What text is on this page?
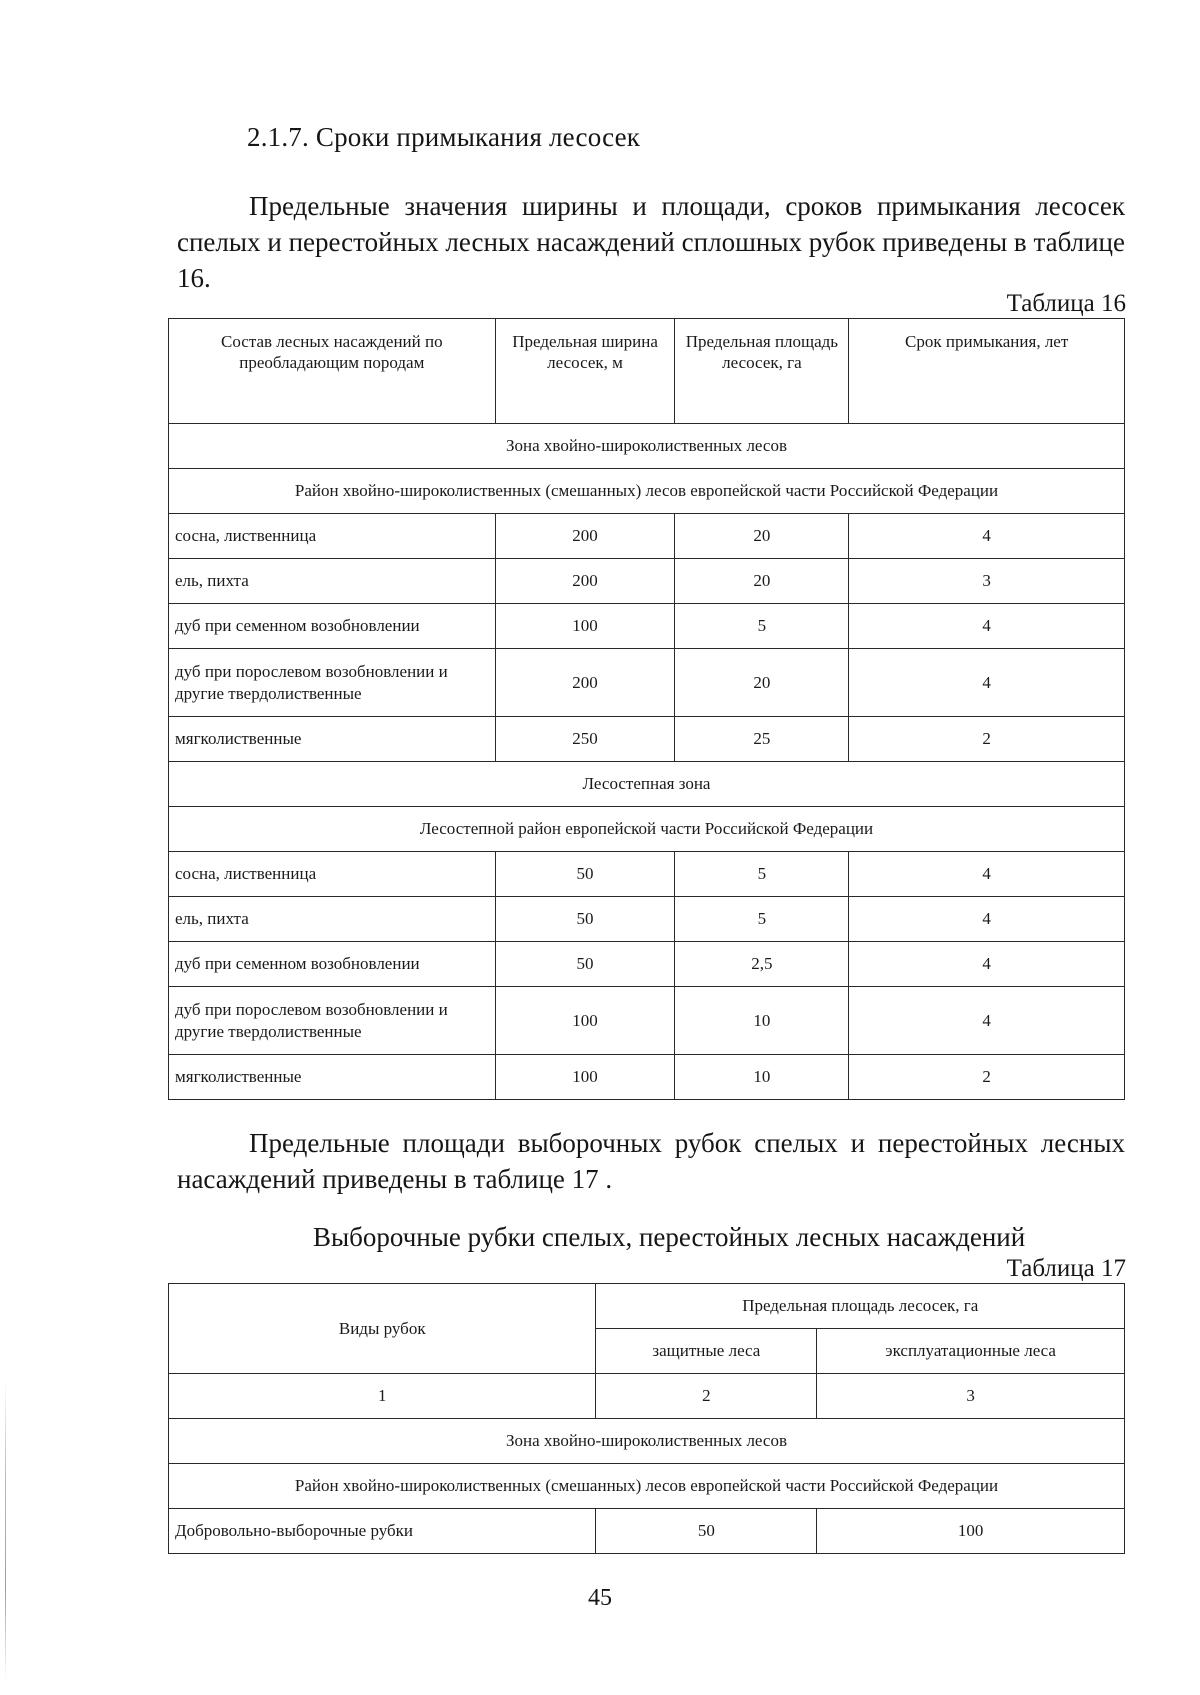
2.1.7. Сроки примыкания лесосек
Предельные значения ширины и площади, сроков примыкания лесосек спелых и перестойных лесных насаждений сплошных рубок приведены в таблице 16.
Таблица 16
Состав лесных насаждений по преобладающим породам	Предельная ширина лесосек, м	Предельная площадь лесосек, га	Срок примыкания, лет
Зона хвойно-широколиственных лесов			
Район хвойно-широколиственных (смешанных) лесов европейской части Российской Федерации			
сосна, лиственница	200	20	4
ель, пихта	200	20	3
дуб при семенном возобновлении	100	5	4
дуб при порослевом возобновлении и другие твердолиственные	200	20	4
мягколиственные	250	25	2
Лесостепная зона			
Лесостепной район европейской части Российской Федерации			
сосна, лиственница	50	5	4
ель, пихта	50	5	4
дуб при семенном возобновлении	50	2,5	4
дуб при порослевом возобновлении и другие твердолиственные	100	10	4
мягколиственные	100	10	2
Предельные площади выборочных рубок спелых и перестойных лесных насаждений приведены в таблице 17 .
Выборочные рубки спелых, перестойных лесных насаждений
Таблица 17
Виды рубок	Предельная площадь лесосек, га	
	защитные леса	эксплуатационные леса
1	2	3
Зона хвойно-широколиственных лесов		
Район хвойно-широколиственных (смешанных) лесов европейской части Российской Федерации		
Добровольно-выборочные рубки	50	100
45
